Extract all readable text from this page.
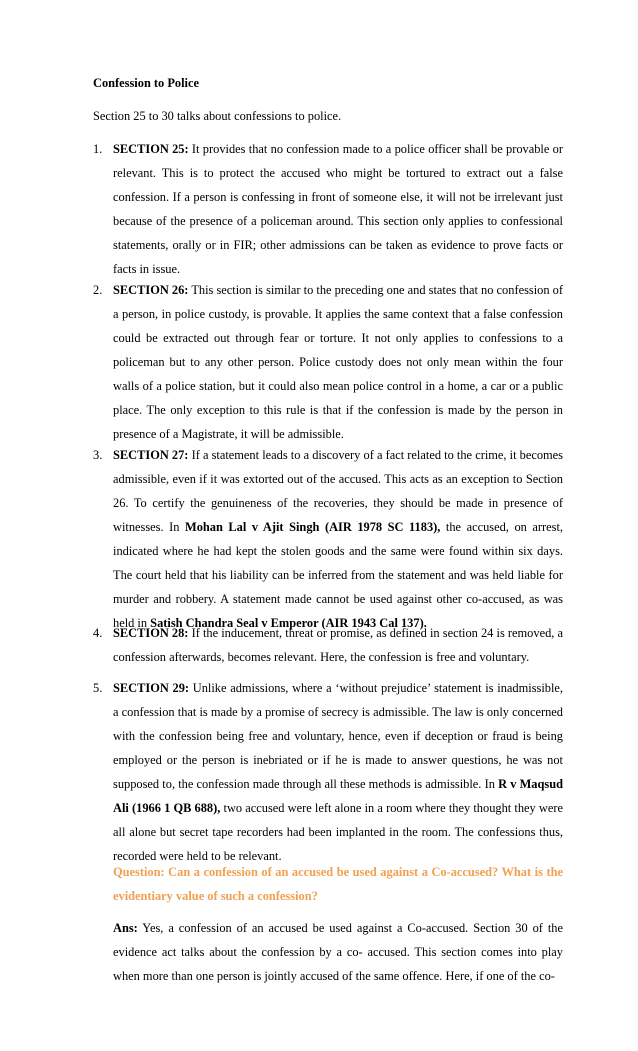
Confession to Police
Section 25 to 30 talks about confessions to police.
1. SECTION 25: It provides that no confession made to a police officer shall be provable or relevant. This is to protect the accused who might be tortured to extract out a false confession. If a person is confessing in front of someone else, it will not be irrelevant just because of the presence of a policeman around. This section only applies to confessional statements, orally or in FIR; other admissions can be taken as evidence to prove facts or facts in issue.
2. SECTION 26: This section is similar to the preceding one and states that no confession of a person, in police custody, is provable. It applies the same context that a false confession could be extracted out through fear or torture. It not only applies to confessions to a policeman but to any other person. Police custody does not only mean within the four walls of a police station, but it could also mean police control in a home, a car or a public place. The only exception to this rule is that if the confession is made by the person in presence of a Magistrate, it will be admissible.
3. SECTION 27: If a statement leads to a discovery of a fact related to the crime, it becomes admissible, even if it was extorted out of the accused. This acts as an exception to Section 26. To certify the genuineness of the recoveries, they should be made in presence of witnesses. In Mohan Lal v Ajit Singh (AIR 1978 SC 1183), the accused, on arrest, indicated where he had kept the stolen goods and the same were found within six days. The court held that his liability can be inferred from the statement and was held liable for murder and robbery. A statement made cannot be used against other co-accused, as was held in Satish Chandra Seal v Emperor (AIR 1943 Cal 137).
4. SECTION 28: If the inducement, threat or promise, as defined in section 24 is removed, a confession afterwards, becomes relevant. Here, the confession is free and voluntary.
5. SECTION 29: Unlike admissions, where a ‘without prejudice’ statement is inadmissible, a confession that is made by a promise of secrecy is admissible. The law is only concerned with the confession being free and voluntary, hence, even if deception or fraud is being employed or the person is inebriated or if he is made to answer questions, he was not supposed to, the confession made through all these methods is admissible. In R v Maqsud Ali (1966 1 QB 688), two accused were left alone in a room where they thought they were all alone but secret tape recorders had been implanted in the room. The confessions thus, recorded were held to be relevant.
Question: Can a confession of an accused be used against a Co-accused? What is the evidentiary value of such a confession?
Ans: Yes, a confession of an accused be used against a Co-accused. Section 30 of the evidence act talks about the confession by a co- accused. This section comes into play when more than one person is jointly accused of the same offence. Here, if one of the co-
